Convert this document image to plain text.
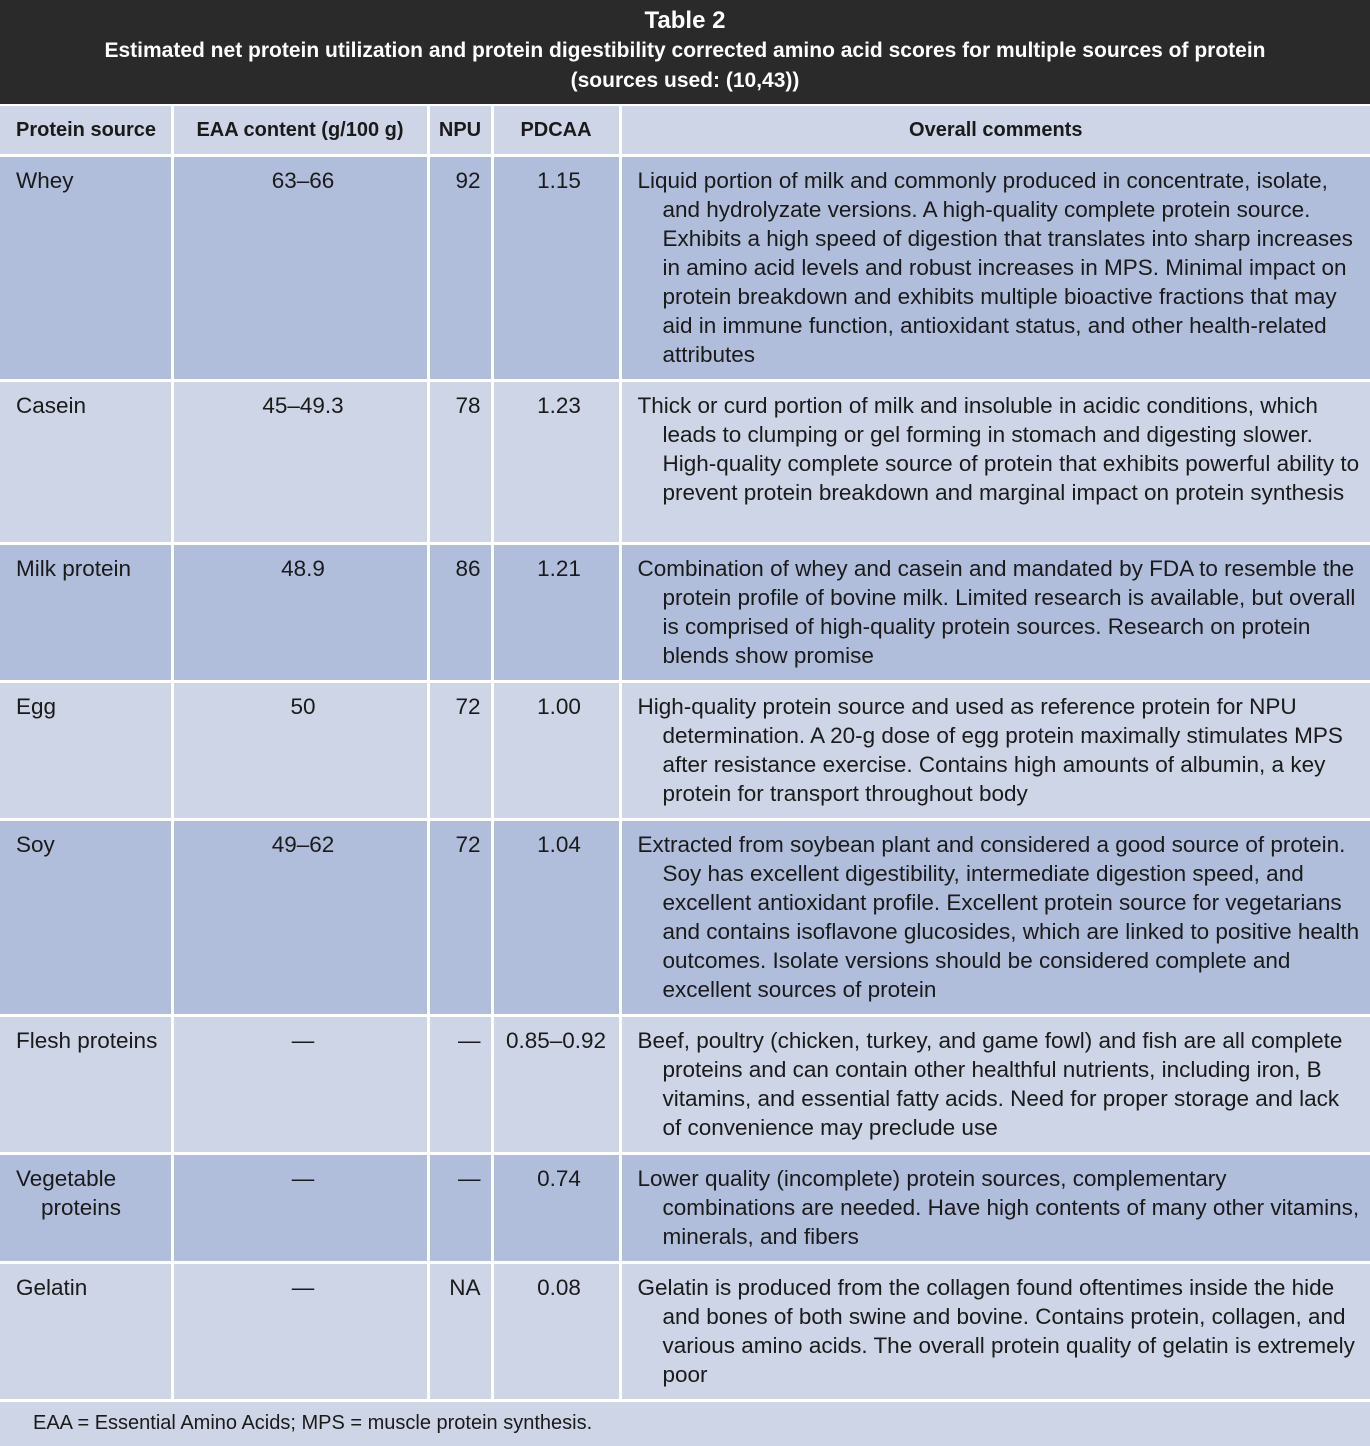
Table 2
Estimated net protein utilization and protein digestibility corrected amino acid scores for multiple sources of protein
(sources used: (10,43))
Protein source	EAA content (g/100 g)	NPU	PDCAA	Overall comments

Whey	63–66	92	1.15	Liquid portion of milk and commonly produced in concentrate, isolate, and hydrolyzate versions. A high-quality complete protein source. Exhibits a high speed of digestion that translates into sharp increases in amino acid levels and robust increases in MPS. Minimal impact on protein breakdown and exhibits multiple bioactive fractions that may aid in immune function, antioxidant status, and other health-related attributes

Casein	45–49.3	78	1.23	Thick or curd portion of milk and insoluble in acidic conditions, which leads to clumping or gel forming in stomach and digesting slower. High-quality complete source of protein that exhibits powerful ability to prevent protein breakdown and marginal impact on protein synthesis

Milk protein	48.9	86	1.21	Combination of whey and casein and mandated by FDA to resemble the protein profile of bovine milk. Limited research is available, but overall is comprised of high-quality protein sources. Research on protein blends show promise

Egg	50	72	1.00	High-quality protein source and used as reference protein for NPU determination. A 20-g dose of egg protein maximally stimulates MPS after resistance exercise. Contains high amounts of albumin, a key protein for transport throughout body

Soy	49–62	72	1.04	Extracted from soybean plant and considered a good source of protein. Soy has excellent digestibility, intermediate digestion speed, and excellent antioxidant profile. Excellent protein source for vegetarians and contains isoflavone glucosides, which are linked to positive health outcomes. Isolate versions should be considered complete and excellent sources of protein

Flesh proteins	—	—	0.85–0.92	Beef, poultry (chicken, turkey, and game fowl) and fish are all complete proteins and can contain other healthful nutrients, including iron, B vitamins, and essential fatty acids. Need for proper storage and lack of convenience may preclude use

Vegetable proteins	—	—	0.74	Lower quality (incomplete) protein sources, complementary combinations are needed. Have high contents of many other vitamins, minerals, and fibers

Gelatin	—	NA	0.08	Gelatin is produced from the collagen found oftentimes inside the hide and bones of both swine and bovine. Contains protein, collagen, and various amino acids. The overall protein quality of gelatin is extremely poor
EAA = Essential Amino Acids; MPS = muscle protein synthesis.
